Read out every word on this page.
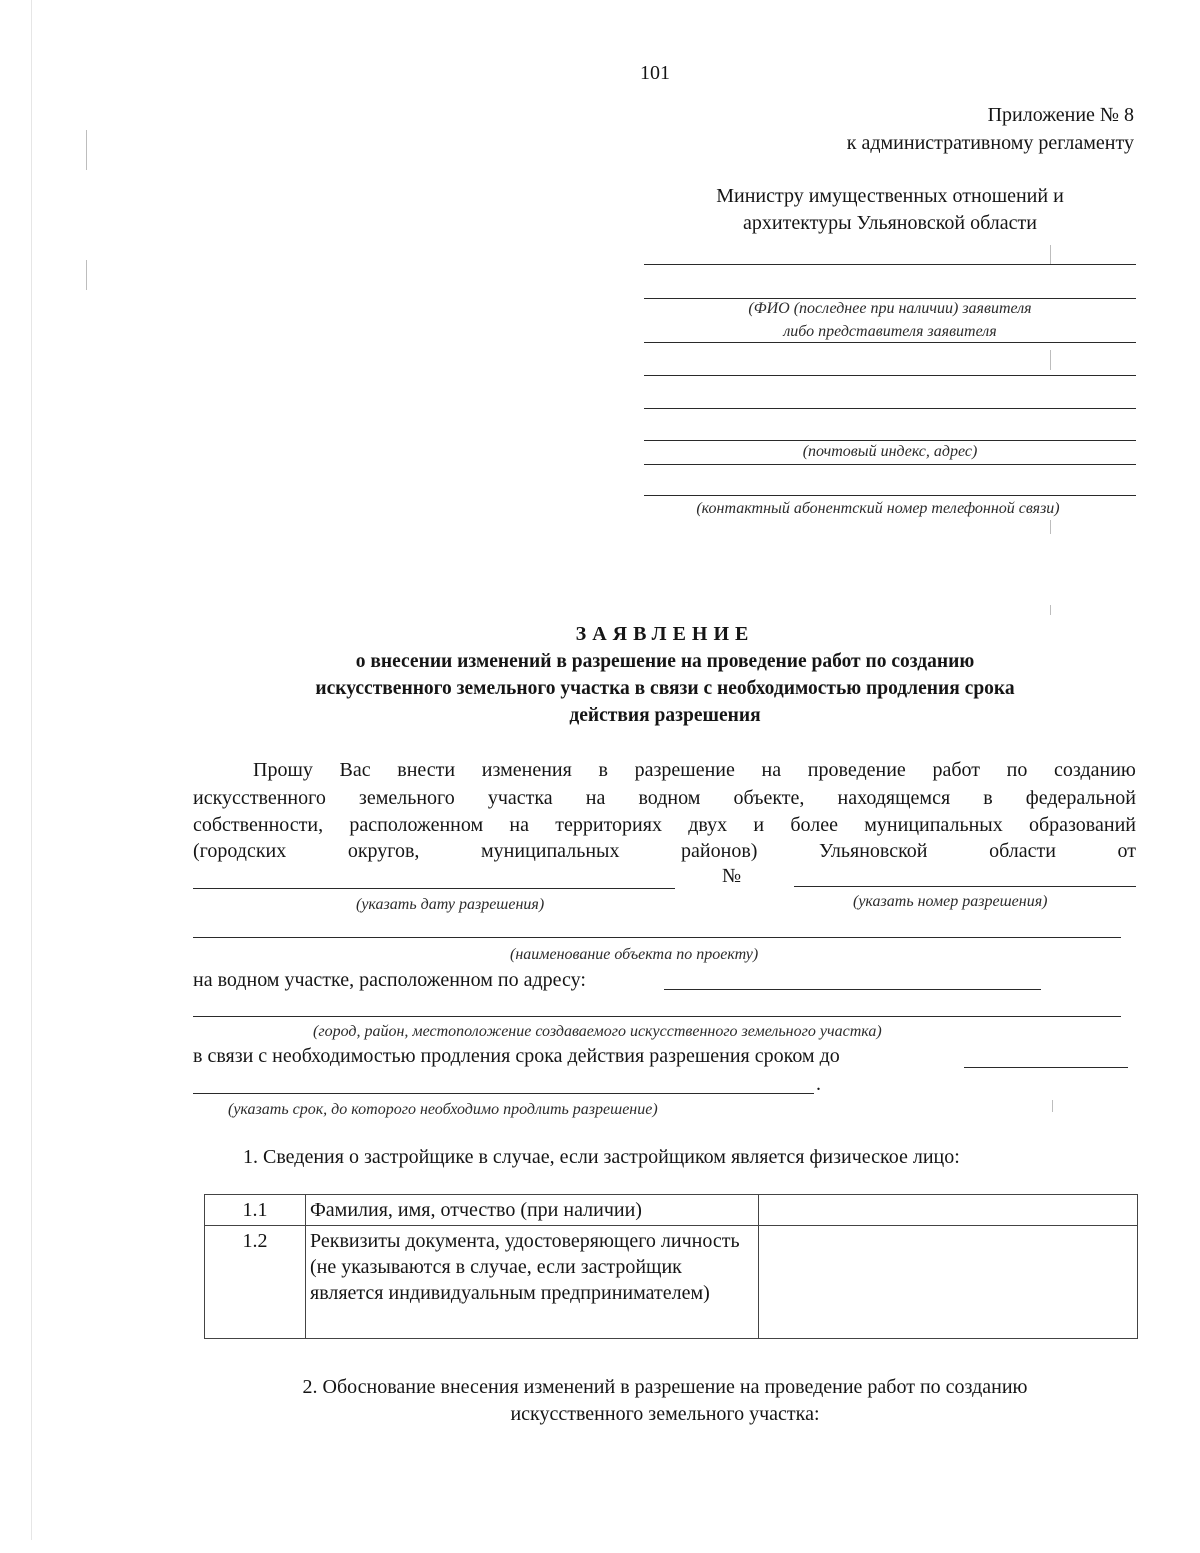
101
Приложение № 8
к административному регламенту
Министру имущественных отношений и
архитектуры Ульяновской области
(ФИО (последнее при наличии) заявителя
либо представителя заявителя
(почтовый индекс, адрес)
(контактный абонентский номер телефонной связи)
ЗАЯВЛЕНИЕ
о внесении изменений в разрешение на проведение работ по созданию
искусственного земельного участка в связи с необходимостью продления срока
действия разрешения
Прошу Вас внести изменения в разрешение на проведение работ по созданию
искусственного земельного участка на водном объекте, находящемся в федеральной
собственности, расположенном на территориях двух и более муниципальных образований
(городских	округов,	муниципальных	районов)	Ульяновской	области	от
№
(указать дату разрешения)	(указать номер разрешения)
(наименование объекта по проекту)
на водном участке, расположенном по адресу:
(город, район, местоположение создаваемого искусственного земельного участка)
в связи с необходимостью продления срока действия разрешения сроком до
.
(указать срок, до которого необходимо продлить разрешение)
1. Сведения о застройщике в случае, если застройщиком является физическое лицо:
1.1	Фамилия, имя, отчество (при наличии)	
1.2	Реквизиты документа, удостоверяющего личность (не указываются в случае, если застройщик является индивидуальным предпринимателем)	
2. Обоснование внесения изменений в разрешение на проведение работ по созданию
искусственного земельного участка:
